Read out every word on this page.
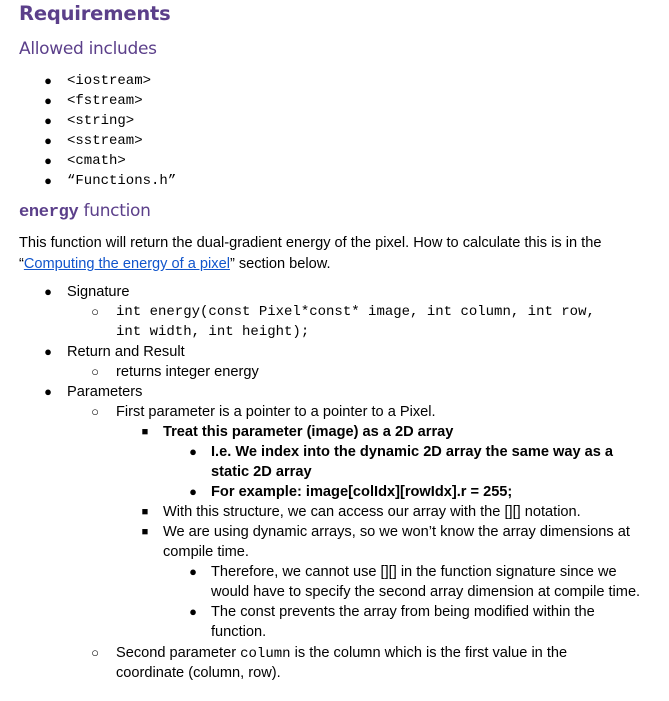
Requirements
Allowed includes
●	<iostream>
●	<fstream>
●	<string>
●	<sstream>
●	<cmath>
●	“Functions.h”
energy function
This function will return the dual-gradient energy of the pixel. How to calculate this is in the
“Computing the energy of a pixel” section below.
●	Signature
○	int energy(const Pixel*const* image, int column, int row,
int width, int height);
●	Return and Result
○	returns integer energy
●	Parameters
○	First parameter is a pointer to a pointer to a Pixel.
■	Treat this parameter (image) as a 2D array
● I.e. We index into the dynamic 2D array the same way as a
static 2D array
● For example: image[colIdx][rowIdx].r = 255;
■	With this structure, we can access our array with the [][] notation.
■	We are using dynamic arrays, so we won’t know the array dimensions at
compile time.
● Therefore, we cannot use [][] in the function signature since we
would have to specify the second array dimension at compile time.
● The const prevents the array from being modified within the
function.
○	Second parameter column is the column which is the first value in the
coordinate (column, row).
